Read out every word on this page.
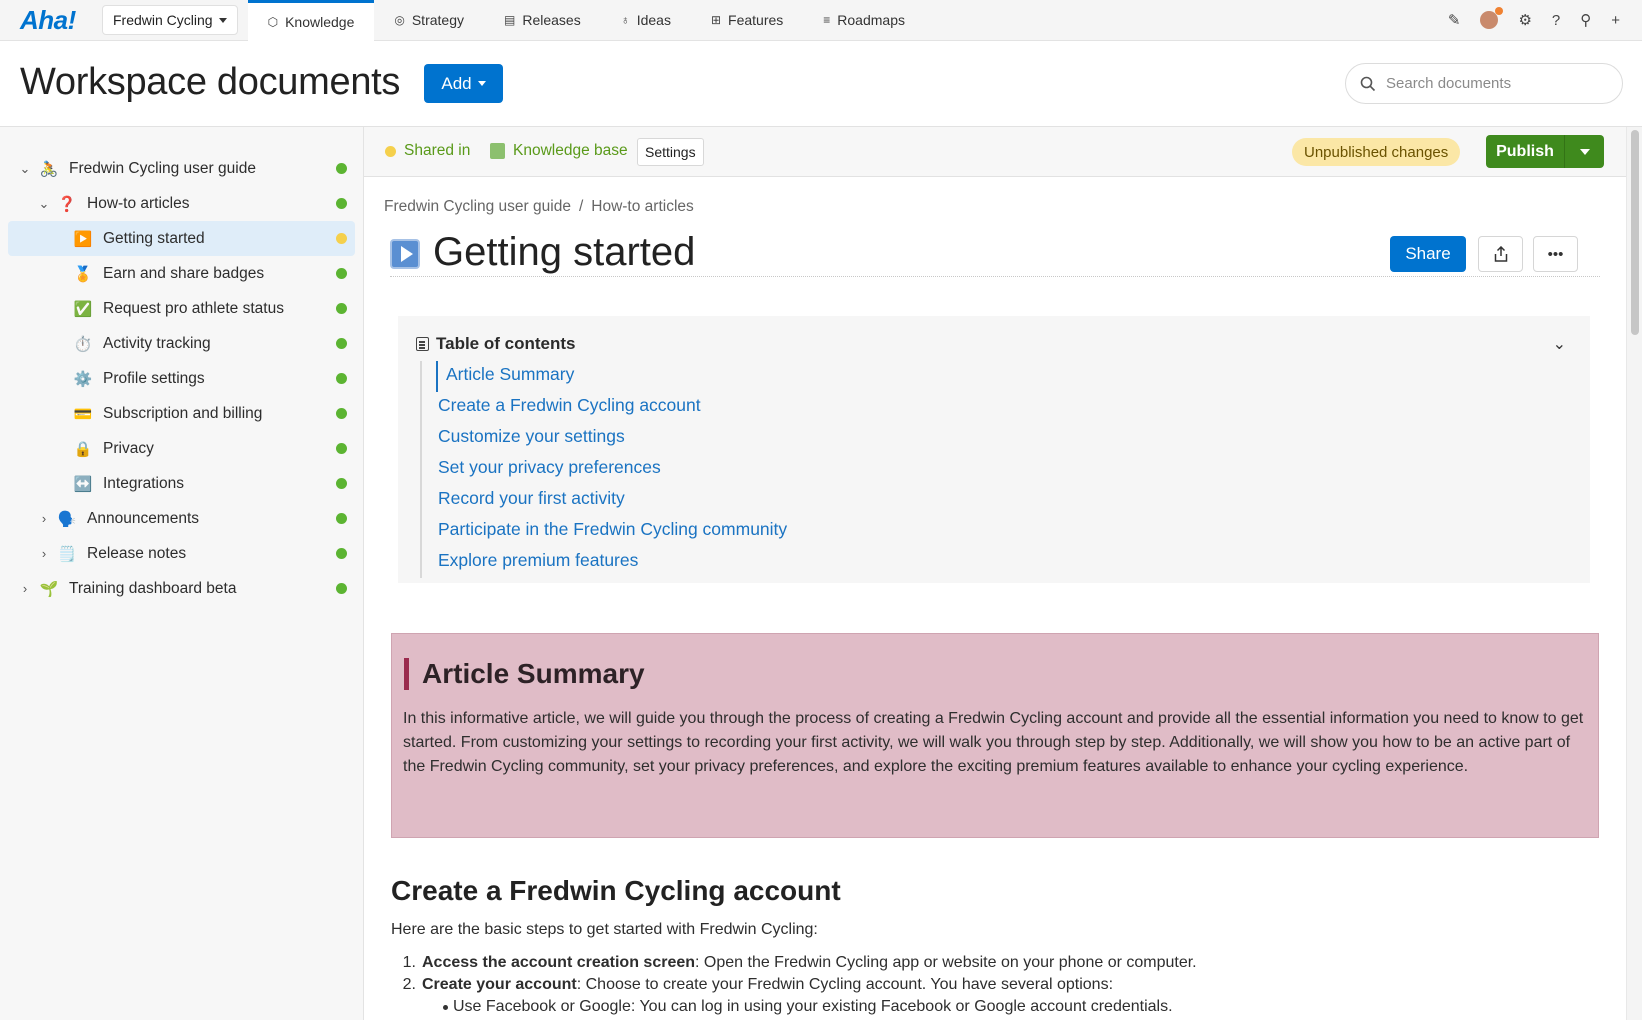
Aha!	Fredwin Cycling	⬡ Knowledge	◎ Strategy	▤ Releases	♁ Ideas	⊞ Features	≡ Roadmaps	✎	⚙ ? ⚲ +
Workspace documents Add
Search documents
⌄ 🚴 Fredwin Cycling user guide
⌄ ❓ How-to articles
▶️ Getting started
🏅 Earn and share badges
✅ Request pro athlete status
⏱️ Activity tracking
⚙️ Profile settings
💳 Subscription and billing
🔒 Privacy
↔️ Integrations
› 🗣️ Announcements
› 🗒️ Release notes
› 🌱 Training dashboard beta
Shared in	Knowledge base	Settings	Unpublished changes	Publish
Fredwin Cycling user guide / How-to articles
Getting started	Share	•••
Table of contents	⌄
Article Summary
Create a Fredwin Cycling account
Customize your settings
Set your privacy preferences
Record your first activity
Participate in the Fredwin Cycling community
Explore premium features
Article Summary

In this informative article, we will guide you through the process of creating a Fredwin Cycling account and provide all the essential information you need to know to get started. From customizing your settings to recording your first activity, we will walk you through step by step. Additionally, we will show you how to be an active part of the Fredwin Cycling community, set your privacy preferences, and explore the exciting premium features available to enhance your cycling experience.

Create a Fredwin Cycling account
Here are the basic steps to get started with Fredwin Cycling:
1. Access the account creation screen: Open the Fredwin Cycling app or website on your phone or computer.
2. Create your account: Choose to create your Fredwin Cycling account. You have several options:
Use Facebook or Google: You can log in using your existing Facebook or Google account credentials.
